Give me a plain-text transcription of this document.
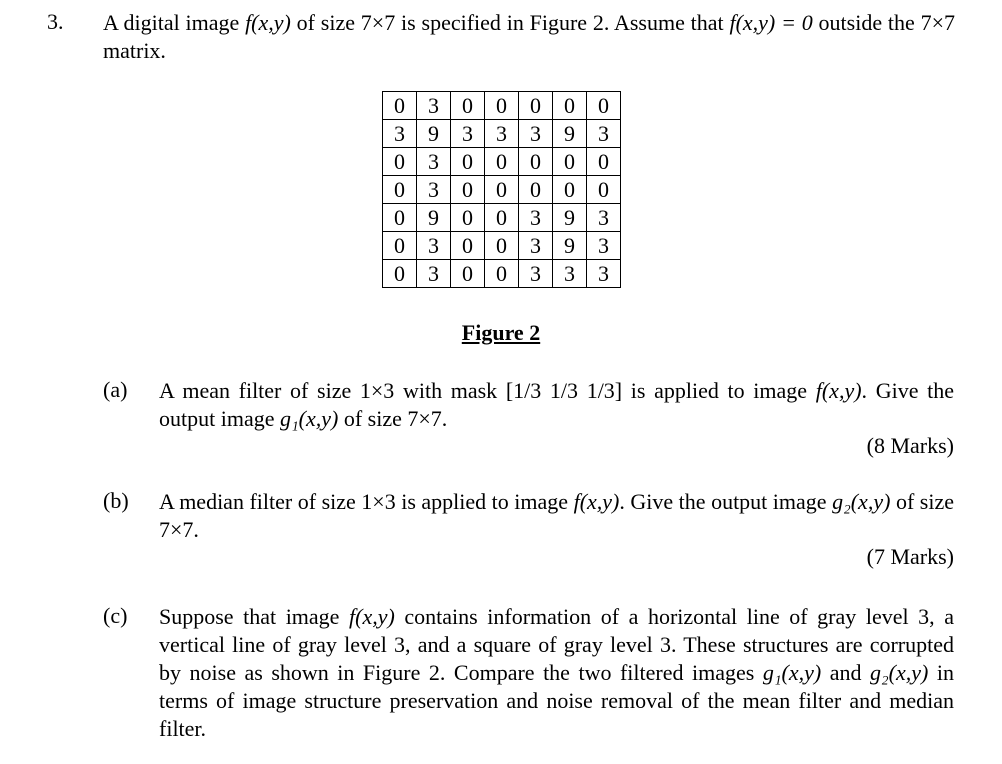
3. A digital image f(x,y) of size 7×7 is specified in Figure 2. Assume that f(x,y) = 0 outside the 7×7 matrix.
0	3	0	0	0	0	0
3	9	3	3	3	9	3
0	3	0	0	0	0	0
0	3	0	0	0	0	0
0	9	0	0	3	9	3
0	3	0	0	3	9	3
0	3	0	0	3	3	3
Figure 2
(a) A mean filter of size 1×3 with mask [1/3 1/3 1/3] is applied to image f(x,y). Give the output image g₁(x,y) of size 7×7.
(8 Marks)
(b) A median filter of size 1×3 is applied to image f(x,y). Give the output image g₂(x,y) of size 7×7.
(7 Marks)
(c) Suppose that image f(x,y) contains information of a horizontal line of gray level 3, a vertical line of gray level 3, and a square of gray level 3. These structures are corrupted by noise as shown in Figure 2. Compare the two filtered images g₁(x,y) and g₂(x,y) in terms of image structure preservation and noise removal of the mean filter and median filter.
